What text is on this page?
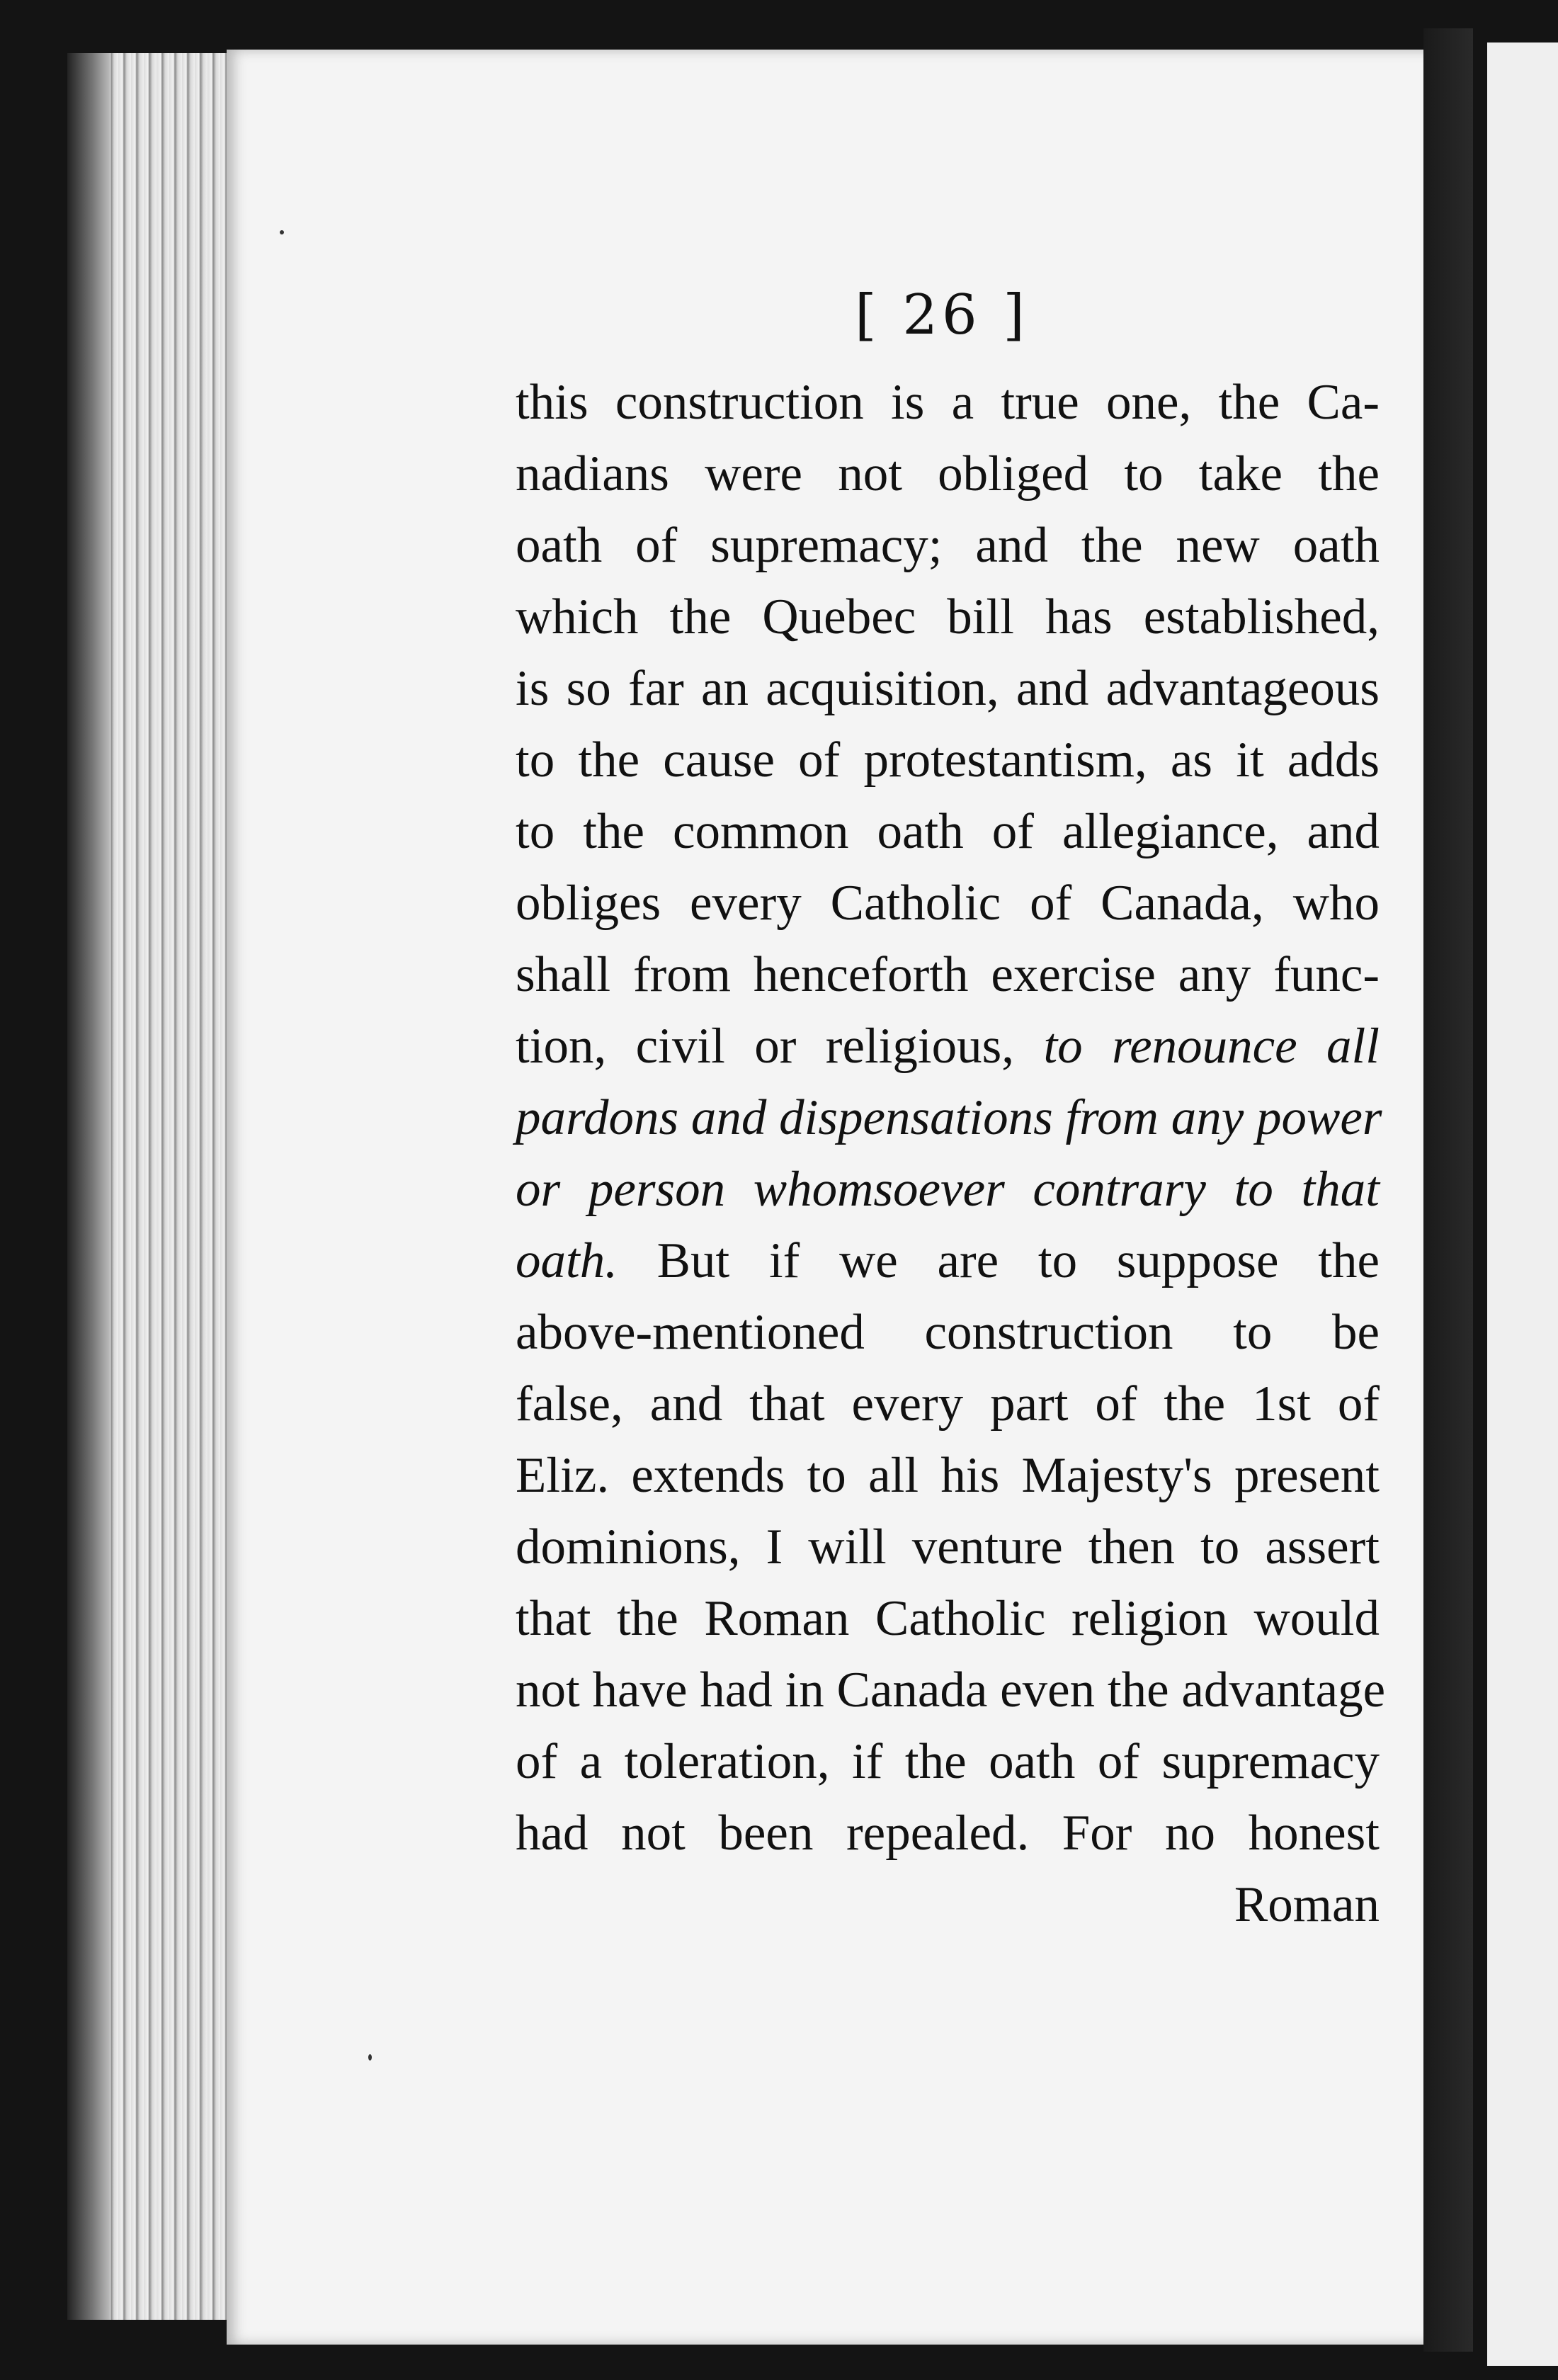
[ 26 ]
this construction is a true one, the Ca-
nadians were not obliged to take the
oath of supremacy; and the new oath
which the Quebec bill has established,
is so far an acquisition, and advantageous
to the cause of protestantism, as it adds
to the common oath of allegiance, and
obliges every Catholic of Canada, who
shall from henceforth exercise any func-
tion, civil or religious, to renounce all
pardons and dispensations from any power
or person whomsoever contrary to that
oath. But if we are to suppose the
above-mentioned construction to be
false, and that every part of the 1st of
Eliz. extends to all his Majesty's present
dominions, I will venture then to assert
that the Roman Catholic religion would
not have had in Canada even the advantage
of a toleration, if the oath of supremacy
had not been repealed. For no honest
Roman
